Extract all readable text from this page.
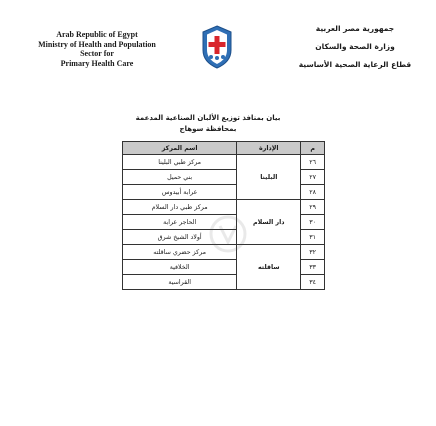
Arab Republic of Egypt
Ministry of Health and Population
Sector for
Primary Health Care
جمهورية مصر العربية
وزارة الصحة والسكان
قطاع الرعاية الصحية الأساسية
بيان بمنافذ توزيع الألبان الصناعية المدعمة
بمحافظة سوهاج
م	الإدارة	اسم المركز
٢٦	البلينا	مركز طبي البلينا
٢٧		بني حميل
٢٨		عرابة أبيدوس
٢٩	دار السلام	مركز طبي دار السلام
٣٠		الحاجر عرابة
٣١		أولاد الشيخ شرق
٣٢	ساقلته	مركز حضري ساقلته
٣٣		الخلافية
٣٤		القراسية
